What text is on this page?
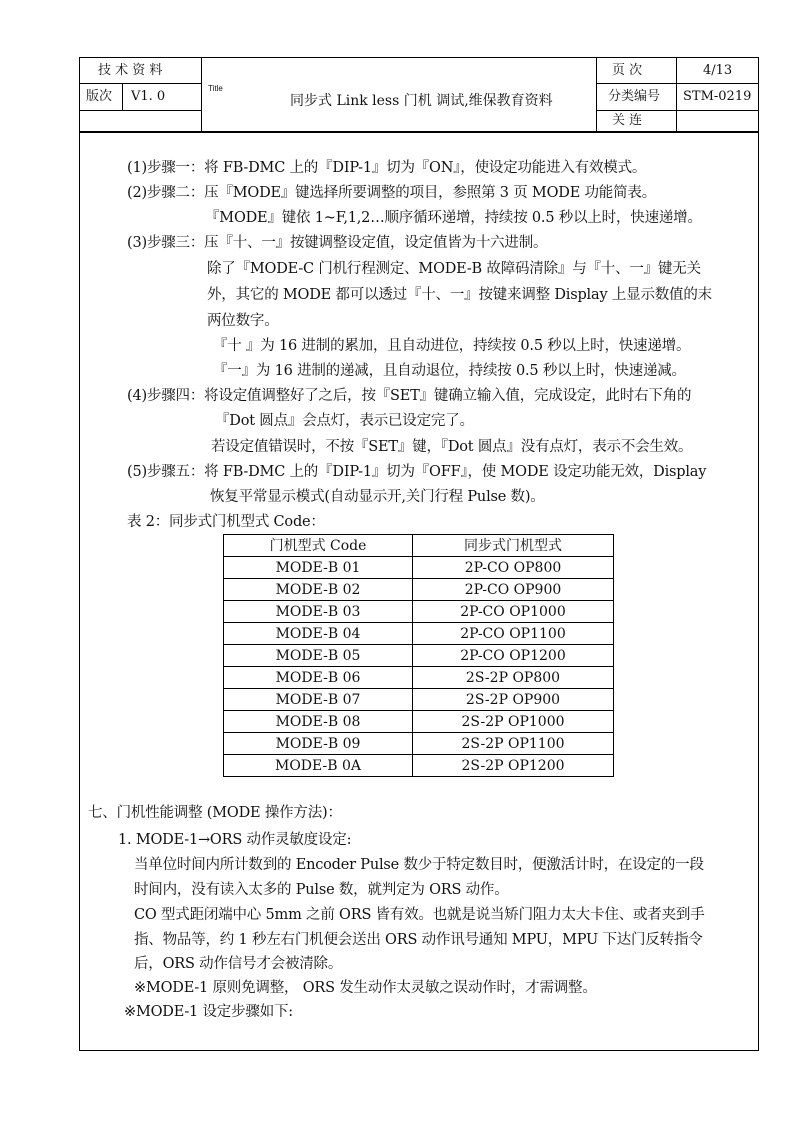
技 术 资 料
版次 V1. 0
Title
同步式 Link less 门机 调试,维保教育资料
页 次	4/13
分类编号 STM-0219
关 连
(1)步骤一：将 FB-DMC 上的『DIP-1』切为『ON』，使设定功能进入有效模式。
(2)步骤二：压『MODE』键选择所要调整的项目，参照第 3 页 MODE 功能简表。
『MODE』键依 1~F,1,2…顺序循环递增，持续按 0.5 秒以上时，快速递增。
(3)步骤三：压『十、一』按键调整设定值，设定值皆为十六进制。
除了『MODE-C 门机行程测定、MODE-B 故障码清除』与『十、一』键无关
外，其它的 MODE 都可以透过『十、一』按键来调整 Display 上显示数值的末
两位数字。
『十 』为 16 进制的累加，且自动进位，持续按 0.5 秒以上时，快速递增。
『一』为 16 进制的递减，且自动退位，持续按 0.5 秒以上时，快速递减。
(4)步骤四：将设定值调整好了之后，按『SET』键确立输入值，完成设定，此时右下角的
『Dot 圆点』会点灯，表示已设定完了。
若设定值错误时，不按『SET』键，『Dot 圆点』没有点灯，表示不会生效。
(5)步骤五：将 FB-DMC 上的『DIP-1』切为『OFF』，使 MODE 设定功能无效，Display
恢复平常显示模式(自动显示开,关门行程 Pulse 数)。
表 2：同步式门机型式 Code：
门机型式 Code	同步式门机型式
MODE-B 01	2P-CO OP800
MODE-B 02	2P-CO OP900
MODE-B 03	2P-CO OP1000
MODE-B 04	2P-CO OP1100
MODE-B 05	2P-CO OP1200
MODE-B 06	2S-2P OP800
MODE-B 07	2S-2P OP900
MODE-B 08	2S-2P OP1000
MODE-B 09	2S-2P OP1100
MODE-B 0A	2S-2P OP1200
七、门机性能调整 (MODE 操作方法)：
1. MODE-1→ORS 动作灵敏度设定:
当单位时间内所计数到的 Encoder Pulse 数少于特定数目时，便激活计时，在设定的一段
时间内，没有读入太多的 Pulse 数，就判定为 ORS 动作。
CO 型式距闭端中心 5mm 之前 ORS 皆有效。也就是说当矫门阻力太大卡住、或者夹到手
指、物品等，约 1 秒左右门机便会送出 ORS 动作讯号通知 MPU，MPU 下达门反转指令
后，ORS 动作信号才会被清除。
※MODE-1 原则免调整， ORS 发生动作太灵敏之误动作时，才需调整。
※MODE-1 设定步骤如下:
